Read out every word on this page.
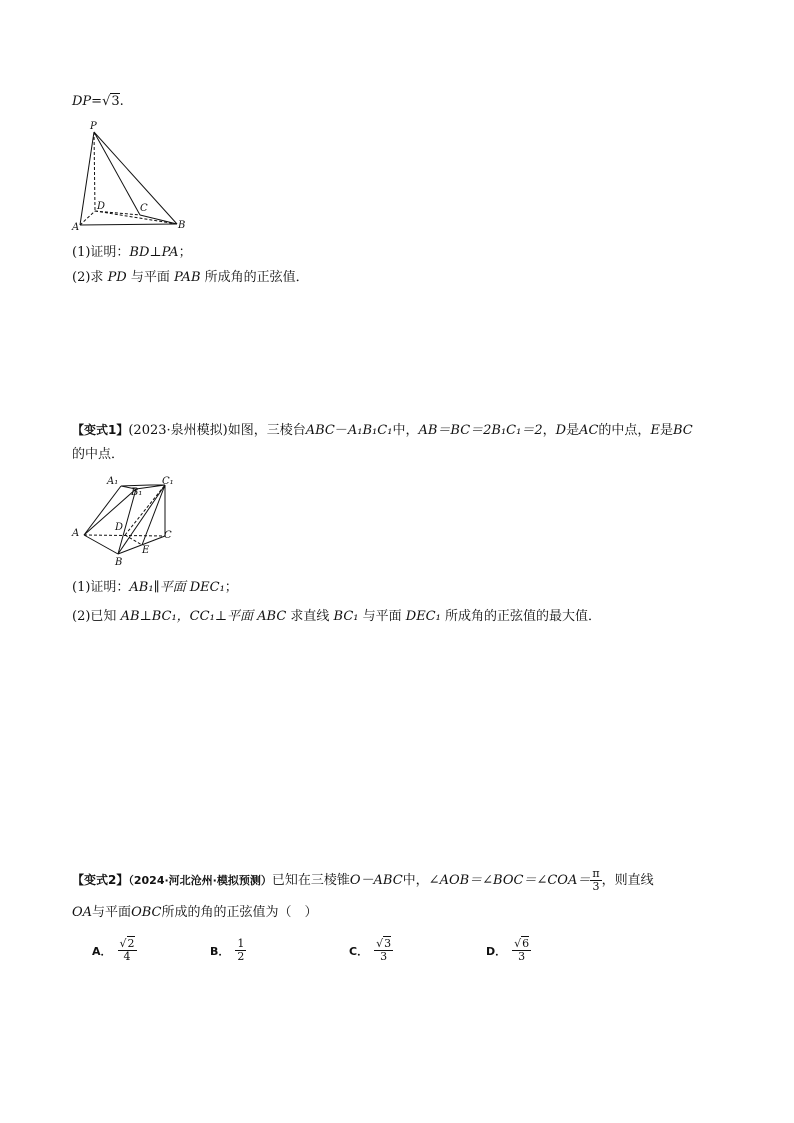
DP=√3.
P
D	C
A	B
(1)证明：BD⊥PA；
(2)求 PD 与平面 PAB 所成角的正弦值．
【变式1】(2023·泉州模拟)如图，三棱台ABC－A₁B₁C₁中，AB＝BC＝2B₁C₁＝2，D是AC的中点，E是BC
的中点．
A₁
B₁
C₁
D
A	C
E
B
(1)证明：AB₁∥平面 DEC₁；
(2)已知 AB⊥BC₁，CC₁⊥平面 ABC 求直线 BC₁ 与平面 DEC₁ 所成角的正弦值的最大值．
【变式2】（2024·河北沧州·模拟预测）已知在三棱锥O－ABC中，∠AOB＝∠BOC＝∠COA＝ $\frac{\pi}{3}$ ，则直线
OA与平面OBC所成的角的正弦值为（　）
A． $\frac{√2}{4}$	B． $\frac{1}{2}$	C． $\frac{√3}{3}$	D． $\frac{√6}{3}$
